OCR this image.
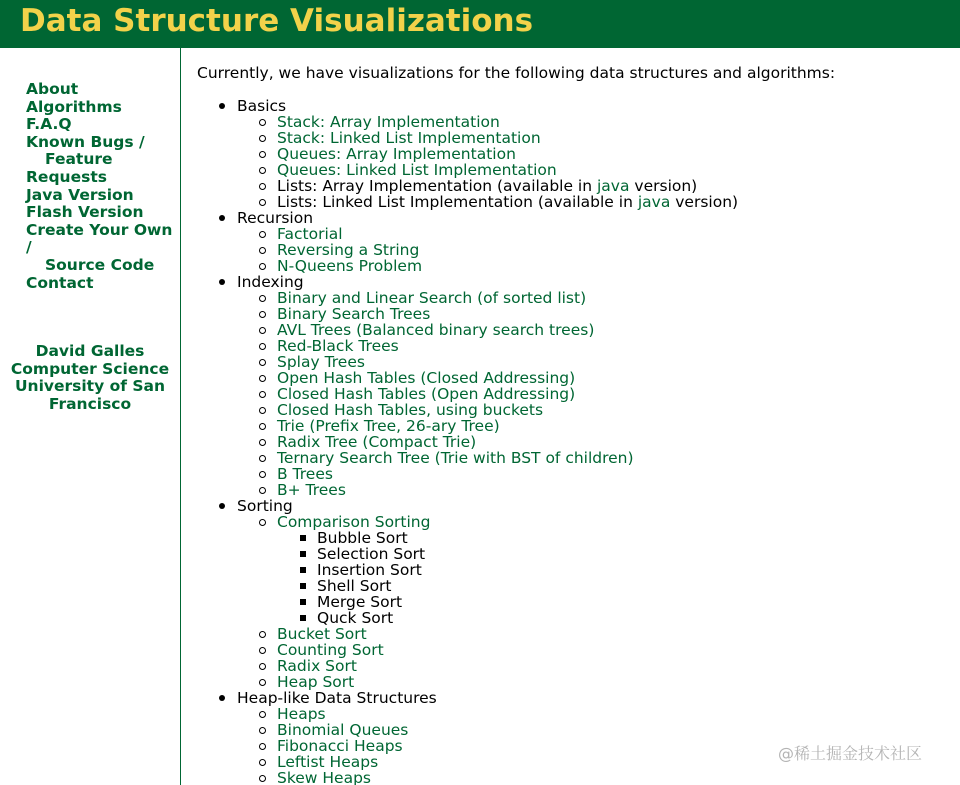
Data Structure Visualizations
About
Algorithms
F.A.Q
Known Bugs /
Feature
Requests
Java Version
Flash Version
Create Your Own
/
Source Code
Contact
David Galles
Computer Science
University of San
Francisco

Currently, we have visualizations for the following data structures and algorithms:

Basics
Stack: Array Implementation
Stack: Linked List Implementation
Queues: Array Implementation
Queues: Linked List Implementation
Lists: Array Implementation (available in java version)
Lists: Linked List Implementation (available in java version)
Recursion
Factorial
Reversing a String
N-Queens Problem
Indexing
Binary and Linear Search (of sorted list)
Binary Search Trees
AVL Trees (Balanced binary search trees)
Red-Black Trees
Splay Trees
Open Hash Tables (Closed Addressing)
Closed Hash Tables (Open Addressing)
Closed Hash Tables, using buckets
Trie (Prefix Tree, 26-ary Tree)
Radix Tree (Compact Trie)
Ternary Search Tree (Trie with BST of children)
B Trees
B+ Trees
Sorting
Comparison Sorting
Bubble Sort
Selection Sort
Insertion Sort
Shell Sort
Merge Sort
Quck Sort
Bucket Sort
Counting Sort
Radix Sort
Heap Sort
Heap-like Data Structures
Heaps
Binomial Queues
Fibonacci Heaps
Leftist Heaps
Skew Heaps
@稀土掘金技术社区
